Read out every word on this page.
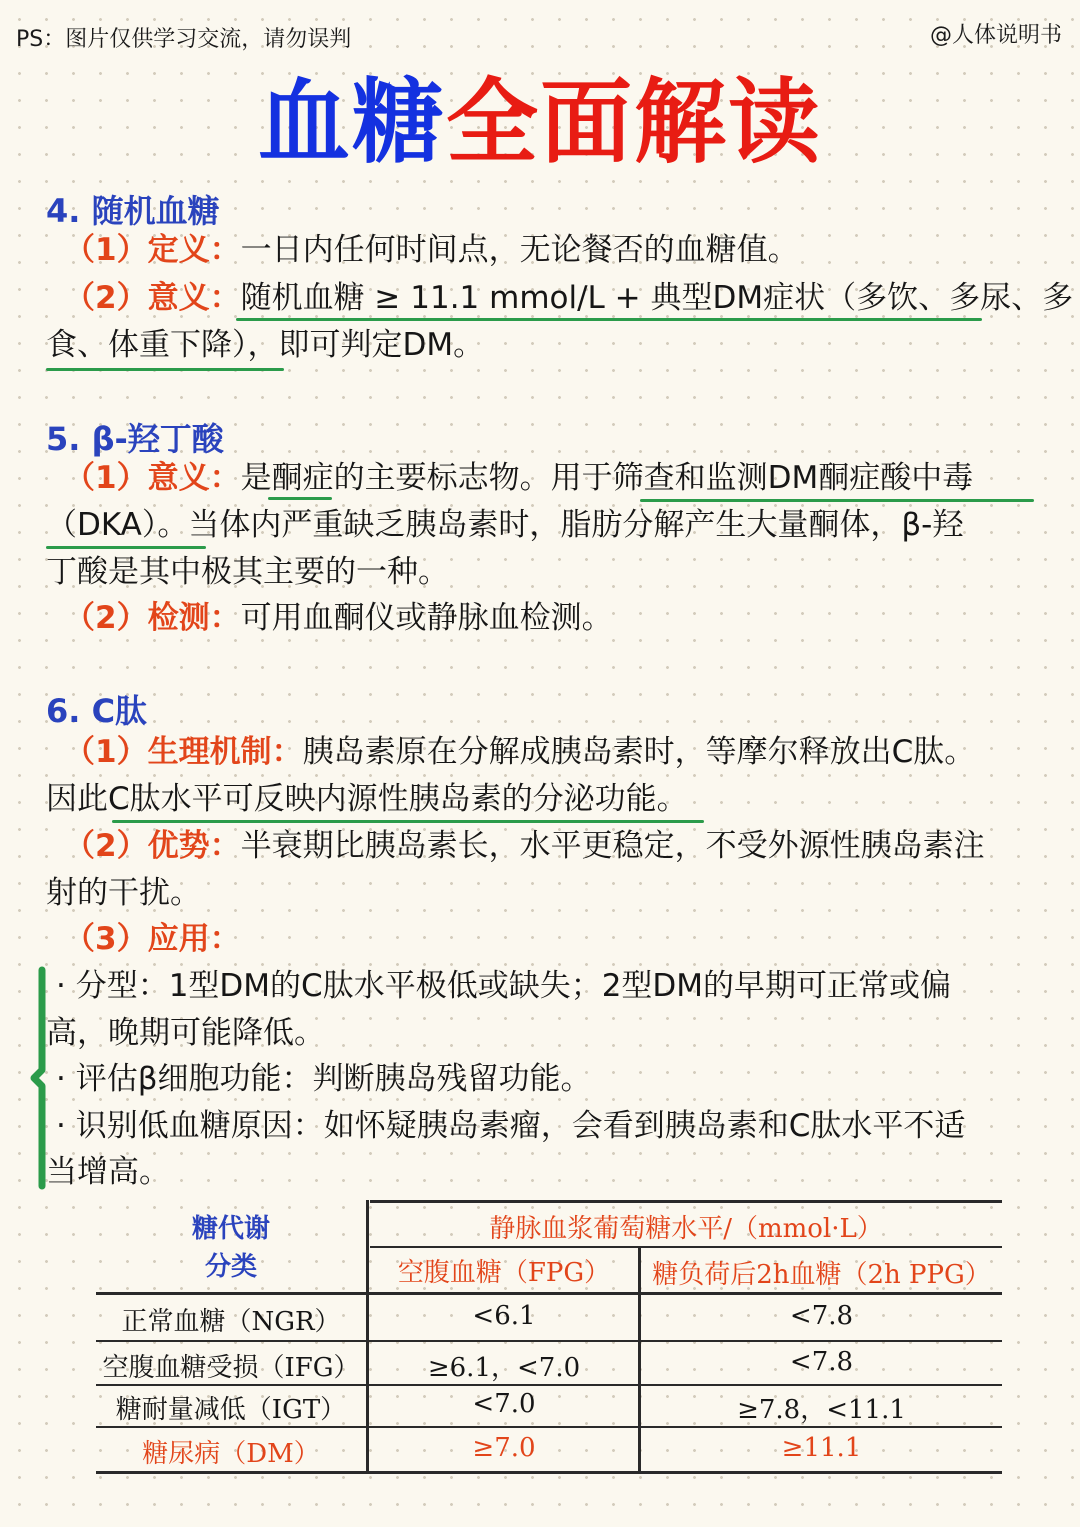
PS：图片仅供学习交流，请勿误判	@人体说明书
血糖全面解读
4. 随机血糖
（1）定义：一日内任何时间点，无论餐否的血糖值。
（2）意义：随机血糖 ≥ 11.1 mmol/L + 典型DM症状（多饮、多尿、多
食、体重下降），即可判定DM。
5. β-羟丁酸
（1）意义：是酮症的主要标志物。用于筛查和监测DM酮症酸中毒
（DKA）。当体内严重缺乏胰岛素时，脂肪分解产生大量酮体，β-羟
丁酸是其中极其主要的一种。
（2）检测：可用血酮仪或静脉血检测。
6. C肽
（1）生理机制：胰岛素原在分解成胰岛素时，等摩尔释放出C肽。
因此C肽水平可反映内源性胰岛素的分泌功能。
（2）优势：半衰期比胰岛素长，水平更稳定，不受外源性胰岛素注
射的干扰。
（3）应用：
· 分型：1型DM的C肽水平极低或缺失；2型DM的早期可正常或偏
高，晚期可能降低。
· 评估β细胞功能：判断胰岛残留功能。
· 识别低血糖原因：如怀疑胰岛素瘤，会看到胰岛素和C肽水平不适
当增高。
糖代谢
分类
静脉血浆葡萄糖水平/（mmol·L）
空腹血糖（FPG）	糖负荷后2h血糖（2h PPG）
正常血糖（NGR）	<6.1	<7.8
空腹血糖受损（IFG）	≥6.1，<7.0	<7.8
糖耐量减低（IGT）	<7.0	≥7.8，<11.1
糖尿病（DM）	≥7.0	≥11.1
